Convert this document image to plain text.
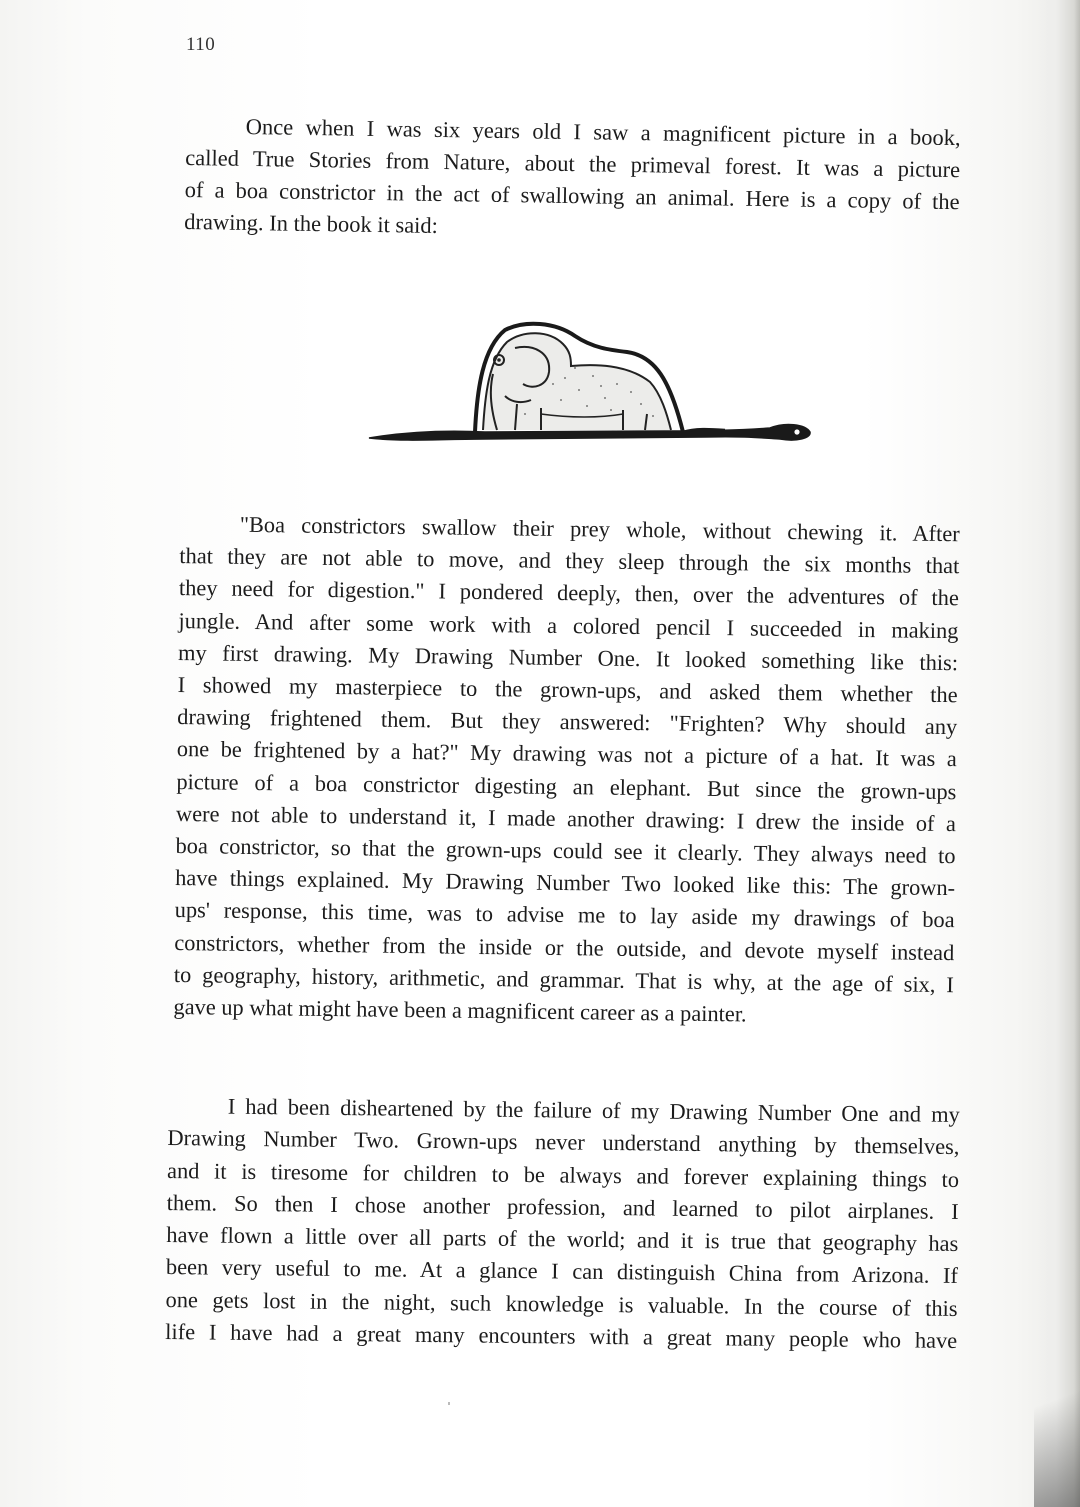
110
Once when I was six years old I saw a magnificent picture in a book,
called True Stories from Nature, about the primeval forest. It was a picture
of a boa constrictor in the act of swallowing an animal. Here is a copy of the
drawing. In the book it said:
"Boa constrictors swallow their prey whole, without chewing it. After
that they are not able to move, and they sleep through the six months that
they need for digestion." I pondered deeply, then, over the adventures of the
jungle. And after some work with a colored pencil I succeeded in making
my first drawing. My Drawing Number One. It looked something like this:
I showed my masterpiece to the grown-ups, and asked them whether the
drawing frightened them. But they answered: "Frighten? Why should any
one be frightened by a hat?" My drawing was not a picture of a hat. It was a
picture of a boa constrictor digesting an elephant. But since the grown-ups
were not able to understand it, I made another drawing: I drew the inside of a
boa constrictor, so that the grown-ups could see it clearly. They always need to
have things explained. My Drawing Number Two looked like this: The grown-
ups' response, this time, was to advise me to lay aside my drawings of boa
constrictors, whether from the inside or the outside, and devote myself instead
to geography, history, arithmetic, and grammar. That is why, at the age of six, I
gave up what might have been a magnificent career as a painter.
I had been disheartened by the failure of my Drawing Number One and my
Drawing Number Two. Grown-ups never understand anything by themselves,
and it is tiresome for children to be always and forever explaining things to
them. So then I chose another profession, and learned to pilot airplanes. I
have flown a little over all parts of the world; and it is true that geography has
been very useful to me. At a glance I can distinguish China from Arizona. If
one gets lost in the night, such knowledge is valuable. In the course of this
life I have had a great many encounters with a great many people who have
